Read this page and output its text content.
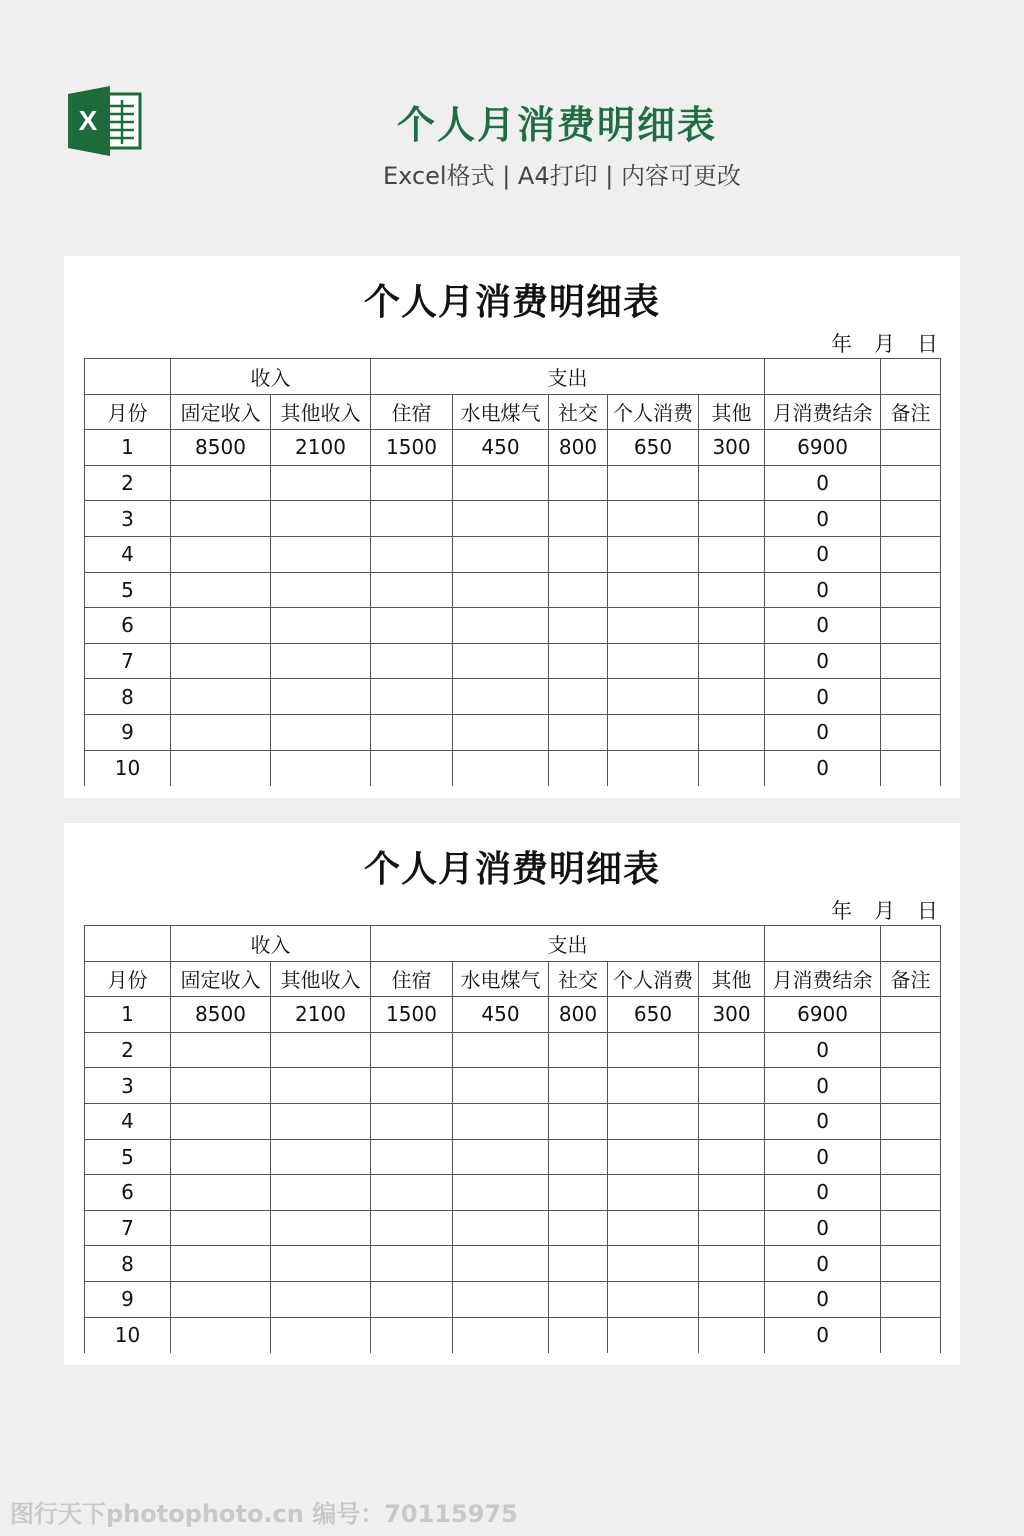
X	个人月消费明细表
Excel格式 | A4打印 | 内容可更改
个人月消费明细表
年 月 日
	收入		支出						
月份	固定收入	其他收入	住宿	水电煤气	社交	个人消费	其他	月消费结余	备注
1	8500	2100	1500	450	800	650	300	6900	
2								0	
3								0	
4								0	
5								0	
6								0	
7								0	
8								0	
9								0	
10								0	
个人月消费明细表
年 月 日
	收入		支出						
月份	固定收入	其他收入	住宿	水电煤气	社交	个人消费	其他	月消费结余	备注
1	8500	2100	1500	450	800	650	300	6900	
2								0	
3								0	
4								0	
5								0	
6								0	
7								0	
8								0	
9								0	
10								0	
图行天下photophoto.cn 编号：70115975
